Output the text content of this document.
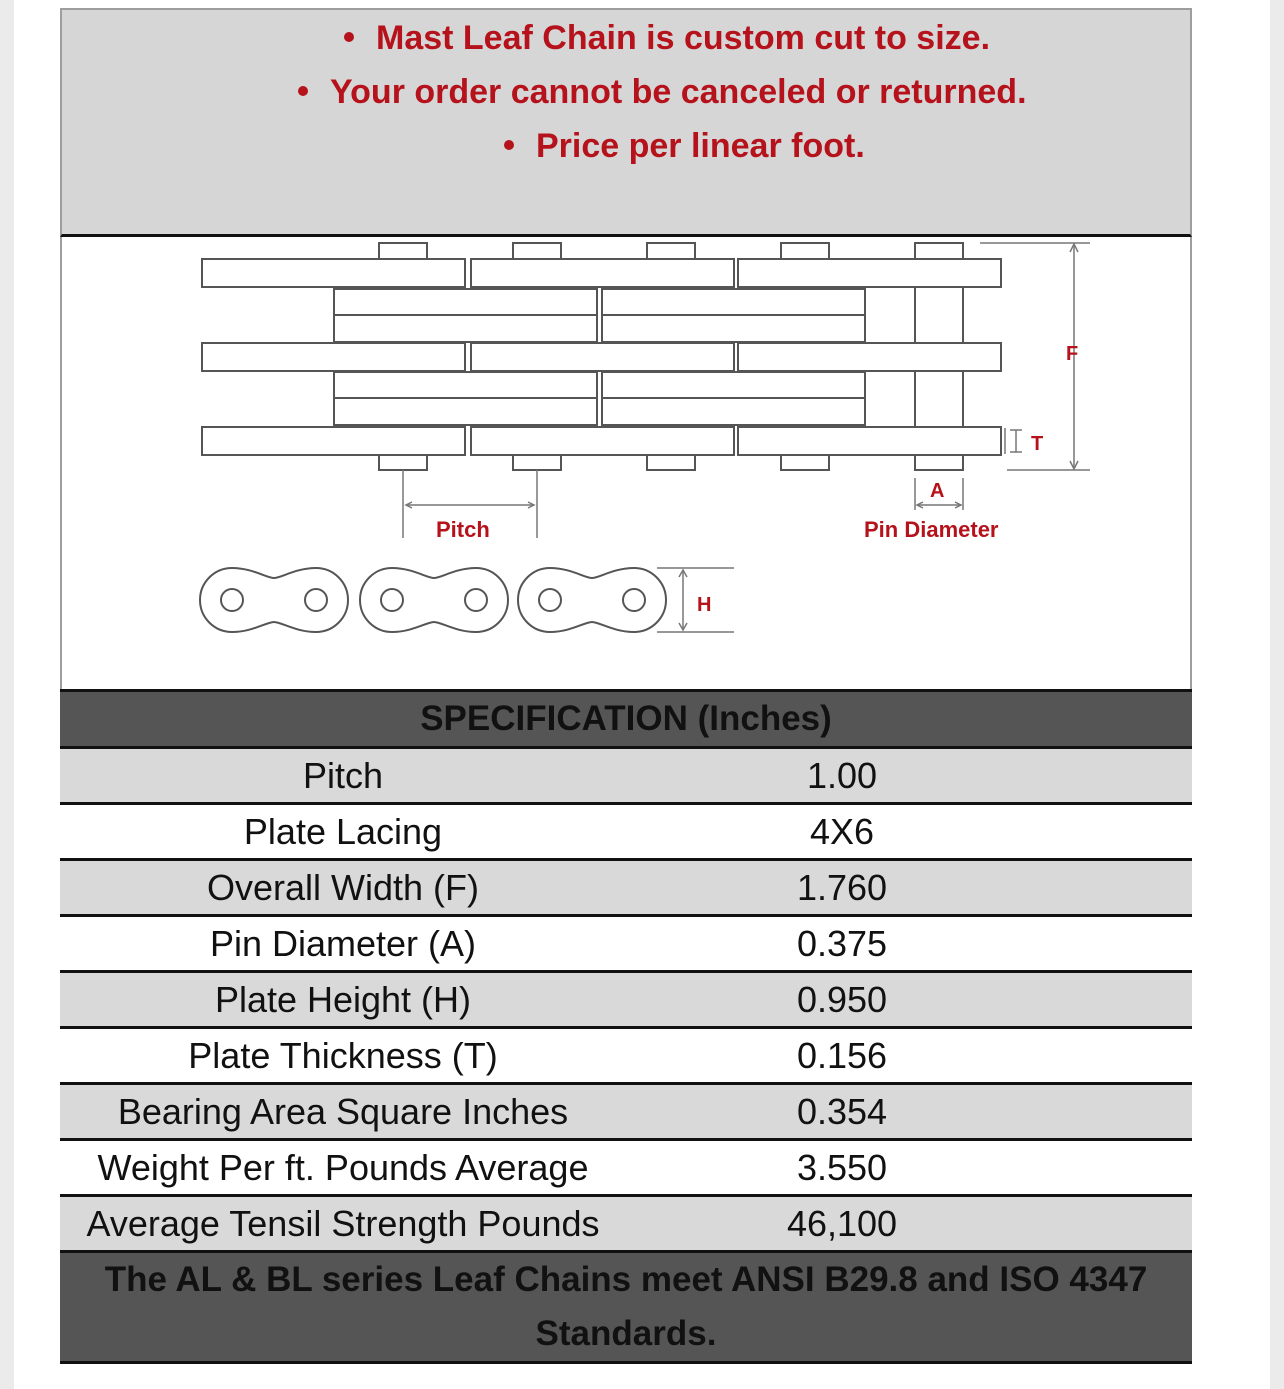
Mast Leaf Chain is custom cut to size.
Your order cannot be canceled or returned.
Price per linear foot.
F
T
A
Pin Diameter
Pitch
H
SPECIFICATION (Inches)	
Pitch	1.00
Plate Lacing	4X6
Overall Width (F)	1.760
Pin Diameter (A)	0.375
Plate Height (H)	0.950
Plate Thickness (T)	0.156
Bearing Area Square Inches	0.354
Weight Per ft. Pounds Average	3.550
Average Tensil Strength Pounds	46,100
The AL & BL series Leaf Chains meet ANSI B29.8 and ISO 4347 Standards.	
